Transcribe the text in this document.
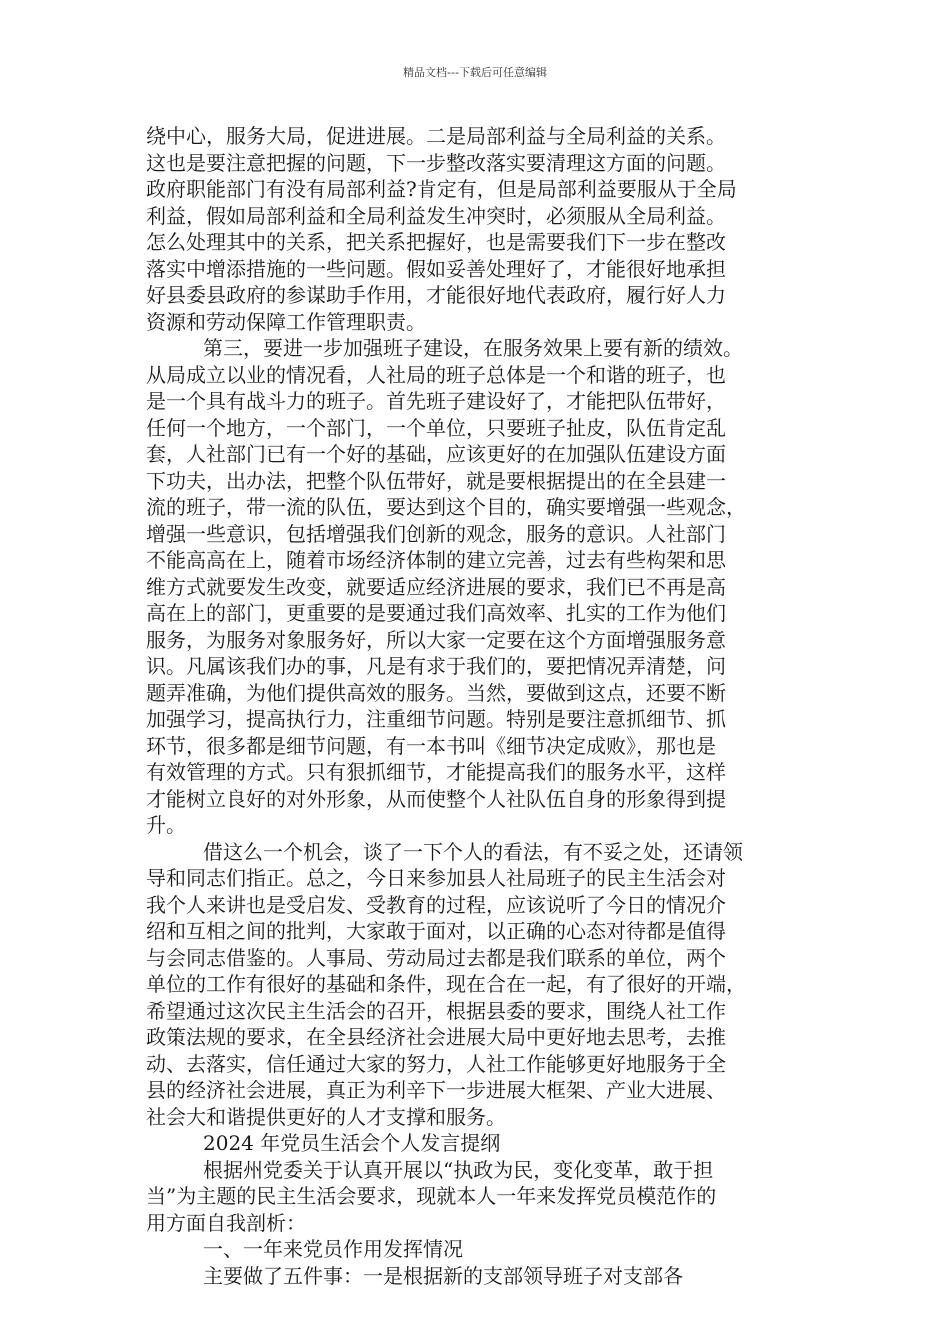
精品文档---下载后可任意编辑

绕中心，服务大局，促进进展。二是局部利益与全局利益的关系。

这也是要注意把握的问题，下一步整改落实要清理这方面的问题。

政府职能部门有没有局部利益?肯定有，但是局部利益要服从于全局

利益，假如局部利益和全局利益发生冲突时，必须服从全局利益。

怎么处理其中的关系，把关系把握好，也是需要我们下一步在整改

落实中增添措施的一些问题。假如妥善处理好了，才能很好地承担

好县委县政府的参谋助手作用，才能很好地代表政府，履行好人力

资源和劳动保障工作管理职责。

第三，要进一步加强班子建设，在服务效果上要有新的绩效。

从局成立以业的情况看，人社局的班子总体是一个和谐的班子，也

是一个具有战斗力的班子。首先班子建设好了，才能把队伍带好，

任何一个地方，一个部门，一个单位，只要班子扯皮，队伍肯定乱

套，人社部门已有一个好的基础，应该更好的在加强队伍建设方面

下功夫，出办法，把整个队伍带好，就是要根据提出的在全县建一

流的班子，带一流的队伍，要达到这个目的，确实要增强一些观念，

增强一些意识，包括增强我们创新的观念，服务的意识。人社部门

不能高高在上，随着市场经济体制的建立完善，过去有些构架和思

维方式就要发生改变，就要适应经济进展的要求，我们已不再是高

高在上的部门，更重要的是要通过我们高效率、扎实的工作为他们

服务，为服务对象服务好，所以大家一定要在这个方面增强服务意

识。凡属该我们办的事，凡是有求于我们的，要把情况弄清楚，问

题弄准确，为他们提供高效的服务。当然，要做到这点，还要不断

加强学习，提高执行力，注重细节问题。特别是要注意抓细节、抓

环节，很多都是细节问题，有一本书叫《细节决定成败》，那也是

有效管理的方式。只有狠抓细节，才能提高我们的服务水平，这样

才能树立良好的对外形象，从而使整个人社队伍自身的形象得到提

升。

借这么一个机会，谈了一下个人的看法，有不妥之处，还请领

导和同志们指正。总之，今日来参加县人社局班子的民主生活会对

我个人来讲也是受启发、受教育的过程，应该说听了今日的情况介

绍和互相之间的批判，大家敢于面对，以正确的心态对待都是值得

与会同志借鉴的。人事局、劳动局过去都是我们联系的单位，两个

单位的工作有很好的基础和条件，现在合在一起，有了很好的开端，

希望通过这次民主生活会的召开，根据县委的要求，围绕人社工作

政策法规的要求，在全县经济社会进展大局中更好地去思考，去推

动、去落实，信任通过大家的努力，人社工作能够更好地服务于全

县的经济社会进展，真正为利辛下一步进展大框架、产业大进展、

社会大和谐提供更好的人才支撑和服务。

2024 年党员生活会个人发言提纲

根据州党委关于认真开展以“执政为民，变化变革，敢于担

当”为主题的民主生活会要求，现就本人一年来发挥党员模范作的

用方面自我剖析：

一、一年来党员作用发挥情况

主要做了五件事：一是根据新的支部领导班子对支部各
